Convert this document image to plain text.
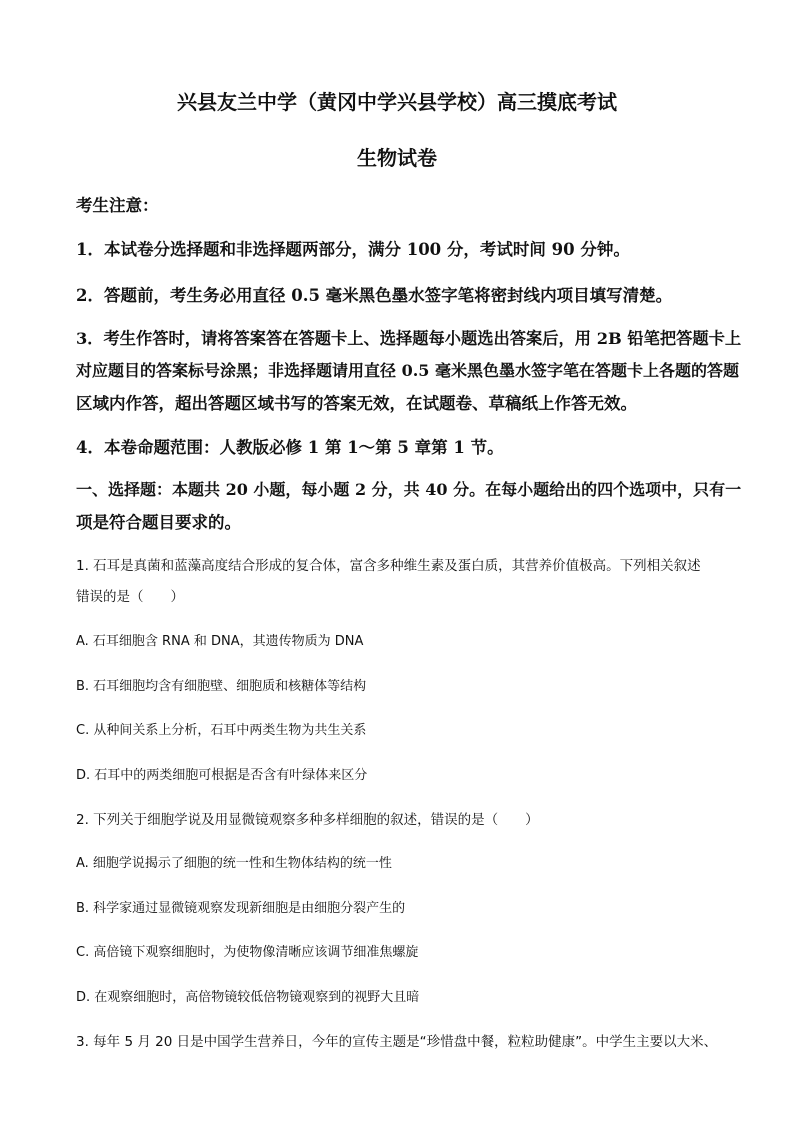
兴县友兰中学（黄冈中学兴县学校）高三摸底考试
生物试卷
考生注意：
1．本试卷分选择题和非选择题两部分，满分 100 分，考试时间 90 分钟。
2．答题前，考生务必用直径 0.5 毫米黑色墨水签字笔将密封线内项目填写清楚。
3．考生作答时，请将答案答在答题卡上、选择题每小题选出答案后，用 2B 铅笔把答题卡上
对应题目的答案标号涂黑；非选择题请用直径 0.5 毫米黑色墨水签字笔在答题卡上各题的答题
区域内作答，超出答题区域书写的答案无效，在试题卷、草稿纸上作答无效。
4．本卷命题范围：人教版必修 1 第 1～第 5 章第 1 节。
一、选择题：本题共 20 小题，每小题 2 分，共 40 分。在每小题给出的四个选项中，只有一
项是符合题目要求的。
1. 石耳是真菌和蓝藻高度结合形成的复合体，富含多种维生素及蛋白质，其营养价值极高。下列相关叙述
错误的是（　　）
A. 石耳细胞含 RNA 和 DNA，其遗传物质为 DNA
B. 石耳细胞均含有细胞壁、细胞质和核糖体等结构
C. 从种间关系上分析，石耳中两类生物为共生关系
D. 石耳中的两类细胞可根据是否含有叶绿体来区分
2. 下列关于细胞学说及用显微镜观察多种多样细胞的叙述，错误的是（　　）
A. 细胞学说揭示了细胞的统一性和生物体结构的统一性
B. 科学家通过显微镜观察发现新细胞是由细胞分裂产生的
C. 高倍镜下观察细胞时，为使物像清晰应该调节细准焦螺旋
D. 在观察细胞时，高倍物镜较低倍物镜观察到的视野大且暗
3. 每年 5 月 20 日是中国学生营养日，今年的宣传主题是“珍惜盘中餐，粒粒助健康”。中学生主要以大米、
